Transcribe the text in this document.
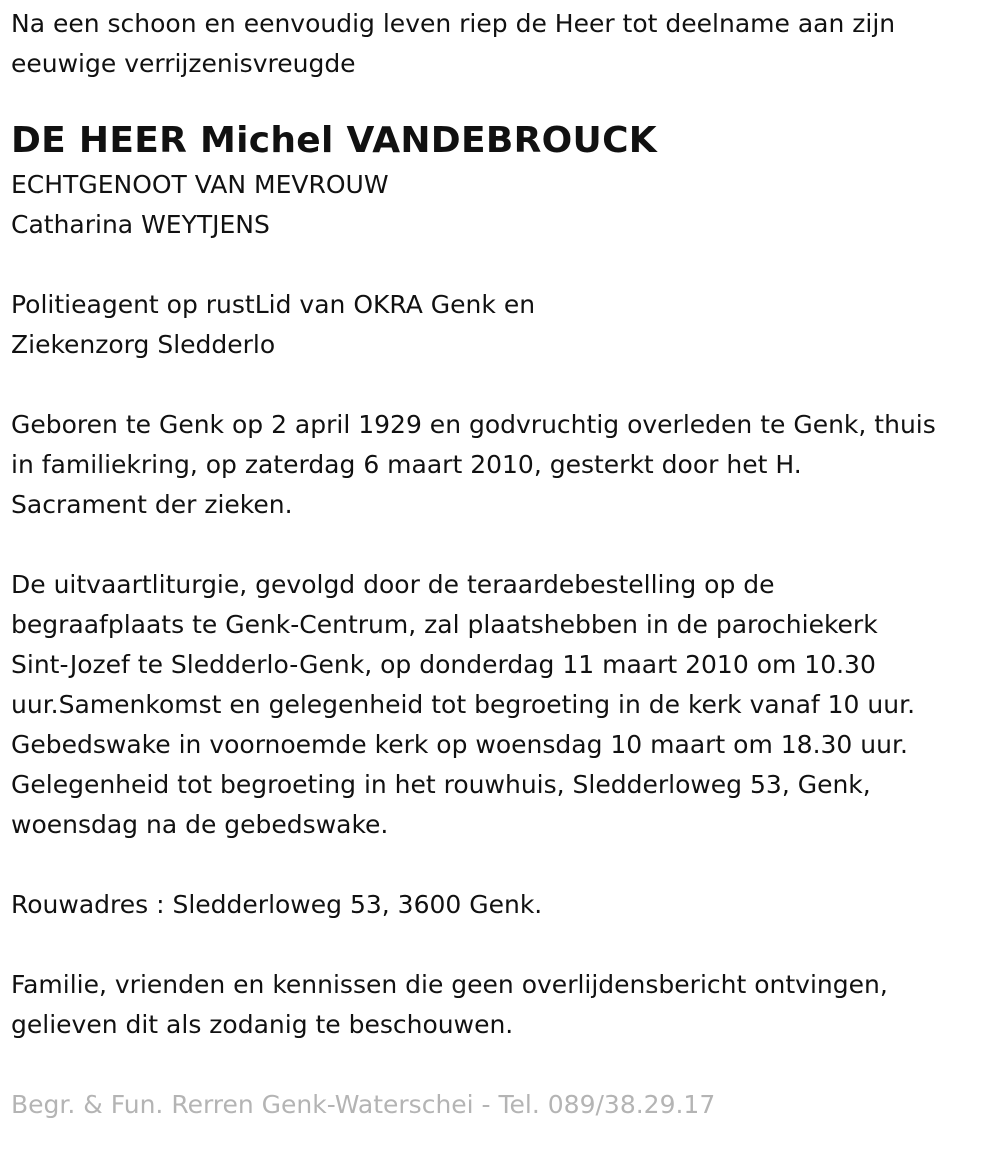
Na een schoon en eenvoudig leven riep de Heer tot deelname aan zijn
eeuwige verrijzenisvreugde
DE HEER Michel VANDEBROUCK
ECHTGENOOT VAN MEVROUW
Catharina WEYTJENS
Politieagent op rustLid van OKRA Genk en
Ziekenzorg Sledderlo
Geboren te Genk op 2 april 1929 en godvruchtig overleden te Genk, thuis
in familiekring, op zaterdag 6 maart 2010, gesterkt door het H.
Sacrament der zieken.
De uitvaartliturgie, gevolgd door de teraardebestelling op de
begraafplaats te Genk-Centrum, zal plaatshebben in de parochiekerk
Sint-Jozef te Sledderlo-Genk, op donderdag 11 maart 2010 om 10.30
uur.Samenkomst en gelegenheid tot begroeting in de kerk vanaf 10 uur.
Gebedswake in voornoemde kerk op woensdag 10 maart om 18.30 uur.
Gelegenheid tot begroeting in het rouwhuis, Sledderloweg 53, Genk,
woensdag na de gebedswake.
Rouwadres : Sledderloweg 53, 3600 Genk.
Familie, vrienden en kennissen die geen overlijdensbericht ontvingen,
gelieven dit als zodanig te beschouwen.
Begr. & Fun. Rerren Genk-Waterschei - Tel. 089/38.29.17
